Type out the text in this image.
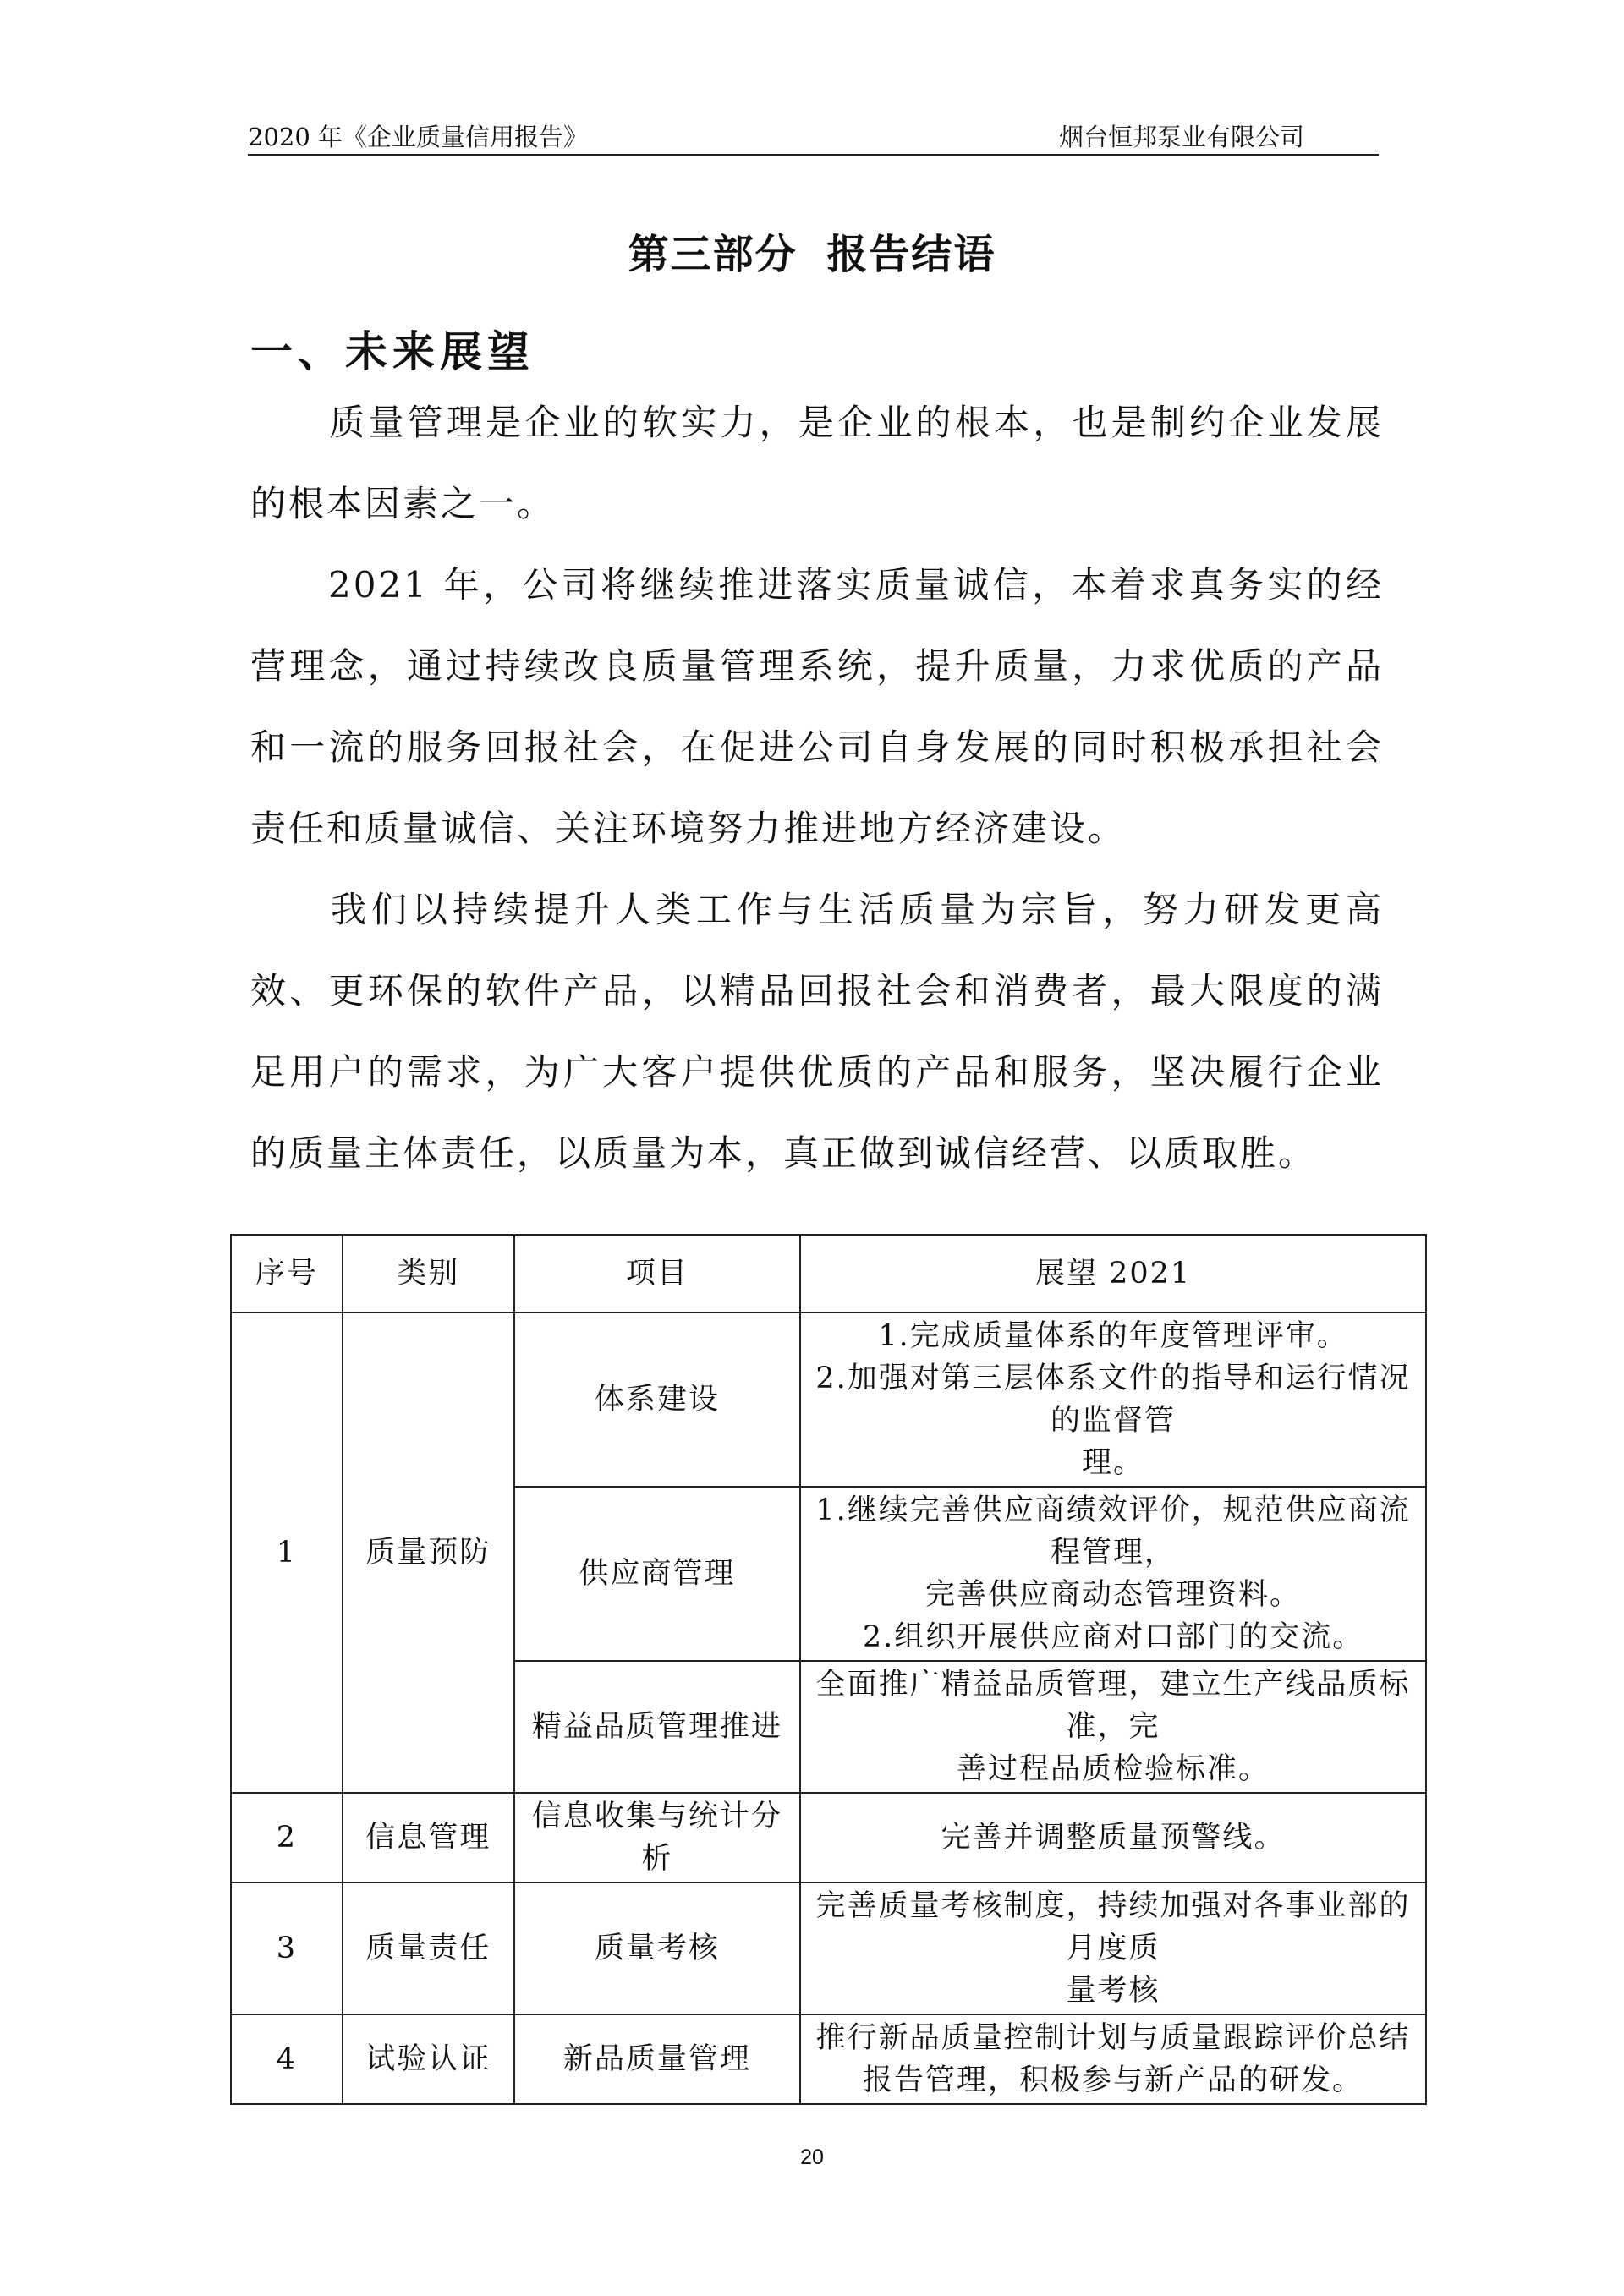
2020 年《企业质量信用报告》	烟台恒邦泵业有限公司
第三部分 报告结语
一、未来展望

质量管理是企业的软实力，是企业的根本，也是制约企业发展的根本因素之一。

2021 年，公司将继续推进落实质量诚信，本着求真务实的经营理念，通过持续改良质量管理系统，提升质量，力求优质的产品和一流的服务回报社会，在促进公司自身发展的同时积极承担社会责任和质量诚信、关注环境努力推进地方经济建设。

我们以持续提升人类工作与生活质量为宗旨，努力研发更高效、更环保的软件产品，以精品回报社会和消费者，最大限度的满足用户的需求，为广大客户提供优质的产品和服务，坚决履行企业的质量主体责任，以质量为本，真正做到诚信经营、以质取胜。

序号	类别	项目	展望 2021
1	质量预防	体系建设	1.完成质量体系的年度管理评审。
2.加强对第三层体系文件的指导和运行情况的监督管
理。

		供应商管理	1.继续完善供应商绩效评价，规范供应商流程管理，
完善供应商动态管理资料。
2.组织开展供应商对口部门的交流。

		精益品质管理推进	全面推广精益品质管理，建立生产线品质标准，完
善过程品质检验标准。

2	信息管理	信息收集与统计分析	完善并调整质量预警线。

3	质量责任	质量考核	完善质量考核制度，持续加强对各事业部的月度质
量考核

4	试验认证	新品质量管理	推行新品质量控制计划与质量跟踪评价总结报告管理，积极参与新产品的研发。
20
